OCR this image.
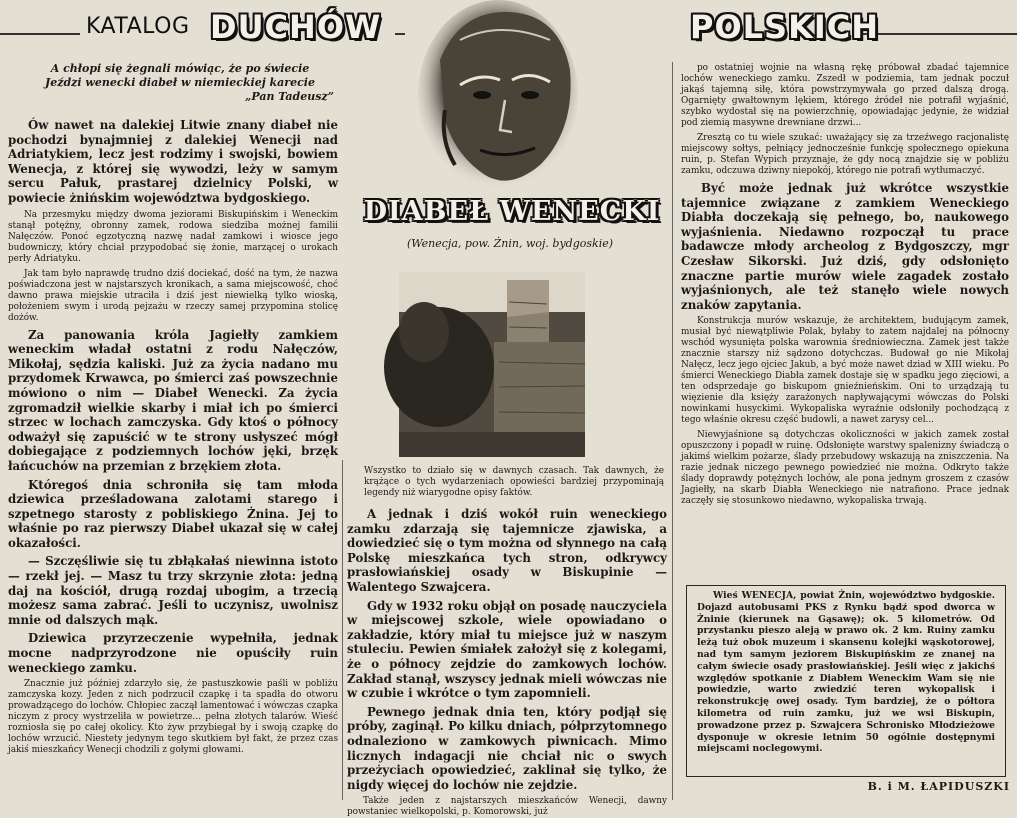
KATALOG DUCHÓW	POLSKICH
A chłopi się żegnali mówiąc, że po świecie
Jeździ wenecki diabeł w niemieckiej karecie
„Pan Tadeusz”

Ów nawet na dalekiej Litwie znany diabeł nie pochodzi bynajmniej z dalekiej Wenecji nad Adriatykiem, lecz jest rodzimy i swojski, bowiem Wenecja, z której się wywodzi, leży w samym sercu Pałuk, prastarej dzielnicy Polski, w powiecie żnińskim województwa bydgoskiego.

Na przesmyku między dwoma jeziorami Biskupińskim i Weneckim stanął potężny, obronny zamek, rodowa siedziba możnej familii Nałęczów. Ponoć egzotyczną nazwę nadał zamkowi i wiosce jego budowniczy, który chciał przypodobać się żonie, marzącej o urokach perły Adriatyku.

Jak tam było naprawdę trudno dziś dociekać, dość na tym, że nazwa poświadczona jest w najstarszych kronikach, a sama miejscowość, choć dawno prawa miejskie utraciła i dziś jest niewielką tylko wioską, położeniem swym i urodą pejzażu w rzeczy samej przypomina stolicę dożów.

Za panowania króla Jagiełły zamkiem weneckim władał ostatni z rodu Nałęczów, Mikołaj, sędzia kaliski. Już za życia nadano mu przydomek Krwawca, po śmierci zaś powszechnie mówiono o nim — Diabeł Wenecki. Za życia zgromadził wielkie skarby i miał ich po śmierci strzec w lochach zamczyska. Gdy ktoś o północy odważył się zapuścić w te strony usłyszeć mógł dobiegające z podziemnych lochów jęki, brzęk łańcuchów na przemian z brzękiem złota.

Któregoś dnia schroniła się tam młoda dziewica prześladowana zalotami starego i szpetnego starosty z pobliskiego Żnina. Jej to właśnie po raz pierwszy Diabeł ukazał się w całej okazałości.

— Szczęśliwie się tu zbłąkałaś niewinna istoto — rzekł jej. — Masz tu trzy skrzynie złota: jedną daj na kościół, drugą rozdaj ubogim, a trzecią możesz sama zabrać. Jeśli to uczynisz, uwolnisz mnie od dalszych mąk.

Dziewica przyrzeczenie wypełniła, jednak mocne nadprzyrodzone nie opuściły ruin weneckiego zamku.

Znacznie już później zdarzyło się, że pastuszkowie paśli w pobliżu zamczyska kozy. Jeden z nich podrzucił czapkę i ta spadła do otworu prowadzącego do lochów. Chłopiec zaczął lamentować i wówczas czapka niczym z procy wystrzeliła w powietrze... pełna złotych talarów. Wieść rozniosła się po całej okolicy. Kto żyw przybiegał by i swoją czapkę do lochów wrzucić. Niestety jedynym tego skutkiem był fakt, że przez czas jakiś mieszkańcy Wenecji chodzili z gołymi głowami.

DIABEŁ WENECKI
(Wenecja, pow. Żnin, woj. bydgoskie)
Wszystko to działo się w dawnych czasach. Tak dawnych, że krążące o tych wydarzeniach opowieści bardziej przypominają legendy niż wiarygodne opisy faktów.

A jednak i dziś wokół ruin weneckiego zamku zdarzają się tajemnicze zjawiska, a dowiedzieć się o tym można od słynnego na całą Polskę mieszkańca tych stron, odkrywcy prasłowiańskiej osady w Biskupinie — Walentego Szwajcera.

Gdy w 1932 roku objął on posadę nauczyciela w miejscowej szkole, wiele opowiadano o zakładzie, który miał tu miejsce już w naszym stuleciu. Pewien śmiałek założył się z kolegami, że o północy zejdzie do zamkowych lochów. Zakład stanął, wszyscy jednak mieli wówczas nie w czubie i wkrótce o tym zapomnieli.

Pewnego jednak dnia ten, który podjął się próby, zaginął. Po kilku dniach, półprzytomnego odnaleziono w zamkowych piwnicach. Mimo licznych indagacji nie chciał nic o swych przeżyciach opowiedzieć, zaklinał się tylko, że nigdy więcej do lochów nie zejdzie.

Także jeden z najstarszych mieszkańców Wenecji, dawny powstaniec wielkopolski, p. Komorowski, już

po ostatniej wojnie na własną rękę próbował zbadać tajemnice lochów weneckiego zamku. Zszedł w podziemia, tam jednak poczuł jakąś tajemną siłę, która powstrzymywała go przed dalszą drogą. Ogarnięty gwałtownym lękiem, którego źródeł nie potrafił wyjaśnić, szybko wydostał się na powierzchnię, opowiadając jedynie, że widział pod ziemią masywne drewniane drzwi...

Zresztą co tu wiele szukać: uważający się za trzeźwego racjonalistę miejscowy sołtys, pełniący jednocześnie funkcję społecznego opiekuna ruin, p. Stefan Wypich przyznaje, że gdy nocą znajdzie się w pobliżu zamku, odczuwa dziwny niepokój, którego nie potrafi wytłumaczyć.

Być może jednak już wkrótce wszystkie tajemnice związane z zamkiem Weneckiego Diabła doczekają się pełnego, bo, naukowego wyjaśnienia. Niedawno rozpoczął tu prace badawcze młody archeolog z Bydgoszczy, mgr Czesław Sikorski. Już dziś, gdy odsłonięto znaczne partie murów wiele zagadek zostało wyjaśnionych, ale też stanęło wiele nowych znaków zapytania.

Konstrukcja murów wskazuje, że architektem, budującym zamek, musiał być niewątpliwie Polak, byłaby to zatem najdalej na północny wschód wysunięta polska warownia średniowieczna. Zamek jest także znacznie starszy niż sądzono dotychczas. Budował go nie Mikołaj Nałęcz, lecz jego ojciec Jakub, a być może nawet dziad w XIII wieku. Po śmierci Weneckiego Diabła zamek dostaje się w spadku jego zięciowi, a ten odsprzedaje go biskupom gnieźnieńskim. Oni to urządzają tu więzienie dla księży zarażonych napływającymi wówczas do Polski nowinkami husyckimi. Wykopaliska wyraźnie odsłoniły pochodzącą z tego właśnie okresu część budowli, a nawet zarysy cel...

Niewyjaśnione są dotychczas okoliczności w jakich zamek został opuszczony i popadł w ruinę. Odsłonięte warstwy spalenizny świadczą o jakimś wielkim pożarze, ślady przebudowy wskazują na zniszczenia. Na razie jednak niczego pewnego powiedzieć nie można. Odkryto także ślady doprawdy potężnych lochów, ale pona jednym groszem z czasów Jagiełły, na skarb Diabła Weneckiego nie natrafiono. Prace jednak zaczęły się stosunkowo niedawno, wykopaliska trwają.

Wieś WENECJA, powiat Żnin, województwo bydgoskie. Dojazd autobusami PKS z Rynku bądź spod dworca w Żninie (kierunek na Gąsawę); ok. 5 kilometrów. Od przystanku pieszo aleją w prawo ok. 2 km. Ruiny zamku leżą tuż obok muzeum i skansenu kolejki wąskotorowej, nad tym samym jeziorem Biskupińskim ze znanej na całym świecie osady prasłowiańskiej. Jeśli więc z jakichś względów spotkanie z Diabłem Weneckim Wam się nie powiedzie, warto zwiedzić teren wykopalisk i rekonstrukcję owej osady. Tym bardziej, że o półtora kilometra od ruin zamku, już we wsi Biskupin, prowadzone przez p. Szwajcera Schronisko Młodzieżowe dysponuje w okresie letnim 50 ogólnie dostępnymi miejscami noclegowymi.
B. i M. ŁAPIDUSZKI
